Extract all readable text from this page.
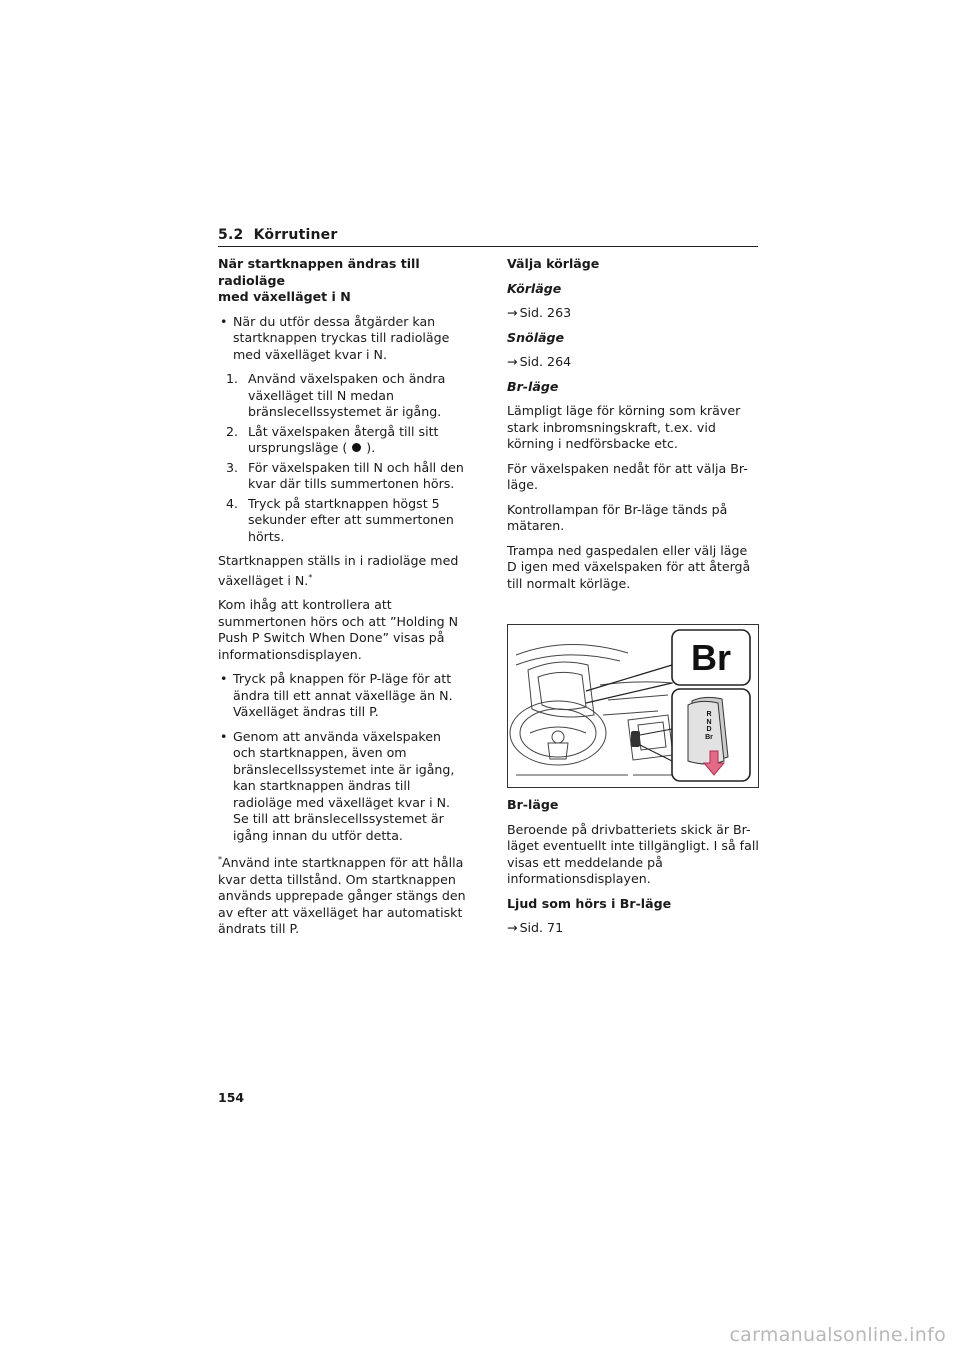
5.2 Körrutiner
När startknappen ändras till radioläge
med växelläget i N
• När du utför dessa åtgärder kan startknappen tryckas till radioläge med växelläget kvar i N.
1. Använd växelspaken och ändra växelläget till N medan bränslecellssystemet är igång.
2. Låt växelspaken återgå till sitt ursprungsläge ( ).
3. För växelspaken till N och håll den kvar där tills summertonen hörs.
4. Tryck på startknappen högst 5 sekunder efter att summertonen hörts.

Startknappen ställs in i radioläge med växelläget i N.*

Kom ihåg att kontrollera att summertonen hörs och att ”Holding N Push P Switch When Done” visas på informationsdisplayen.

• Tryck på knappen för P-läge för att ändra till ett annat växelläge än N. Växelläget ändras till P.
• Genom att använda växelspaken och startknappen, även om bränslecellssystemet inte är igång, kan startknappen ändras till radioläge med växelläget kvar i N. Se till att bränslecellssystemet är igång innan du utför detta.

*Använd inte startknappen för att hålla kvar detta tillstånd. Om startknappen används upprepade gånger stängs den av efter att växelläget har automatiskt ändrats till P.

Välja körläge
Körläge

→ Sid. 263

Snöläge

→ Sid. 264

Br-läge

Lämpligt läge för körning som kräver stark inbromsningskraft, t.ex. vid körning i nedförsbacke etc.

För växelspaken nedåt för att välja Br-läge.

Kontrollampan för Br-läge tänds på mätaren.

Trampa ned gaspedalen eller välj läge D igen med växelspaken för att återgå till normalt körläge.

Br
R
N
D
Br
Br-läge

Beroende på drivbatteriets skick är Br-läget eventuellt inte tillgängligt. I så fall visas ett meddelande på informationsdisplayen.

Ljud som hörs i Br-läge

→ Sid. 71

154
carmanualsonline.info
